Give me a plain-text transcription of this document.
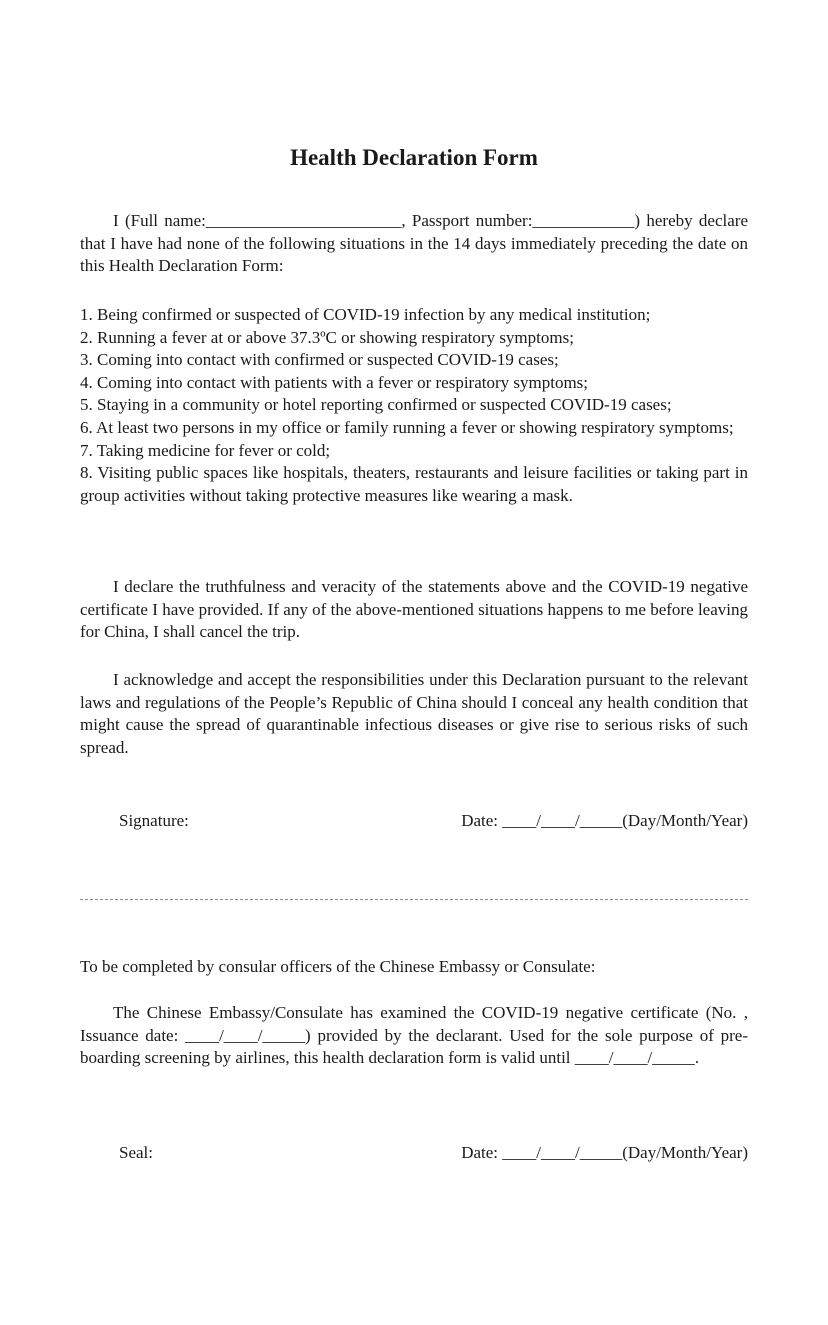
Health Declaration Form

I (Full name:_______________________, Passport number:____________) hereby declare that I have had none of the following situations in the 14 days immediately preceding the date on this Health Declaration Form:

1. Being confirmed or suspected of COVID-19 infection by any medical institution;
2. Running a fever at or above 37.3ºC or showing respiratory symptoms;
3. Coming into contact with confirmed or suspected COVID-19 cases;
4. Coming into contact with patients with a fever or respiratory symptoms;
5. Staying in a community or hotel reporting confirmed or suspected COVID-19 cases;
6. At least two persons in my office or family running a fever or showing respiratory symptoms;
7. Taking medicine for fever or cold;
8. Visiting public spaces like hospitals, theaters, restaurants and leisure facilities or taking part in group activities without taking protective measures like wearing a mask.

I declare the truthfulness and veracity of the statements above and the COVID-19 negative certificate I have provided. If any of the above-mentioned situations happens to me before leaving for China, I shall cancel the trip.

I acknowledge and accept the responsibilities under this Declaration pursuant to the relevant laws and regulations of the People’s Republic of China should I conceal any health condition that might cause the spread of quarantinable infectious diseases or give rise to serious risks of such spread.

Signature:	Date: ____/____/_____(Day/Month/Year)

To be completed by consular officers of the Chinese Embassy or Consulate:

The Chinese Embassy/Consulate has examined the COVID-19 negative certificate (No. , Issuance date: ____/____/_____) provided by the declarant. Used for the sole purpose of pre-boarding screening by airlines, this health declaration form is valid until ____/____/_____.

Seal:	Date: ____/____/_____(Day/Month/Year)
